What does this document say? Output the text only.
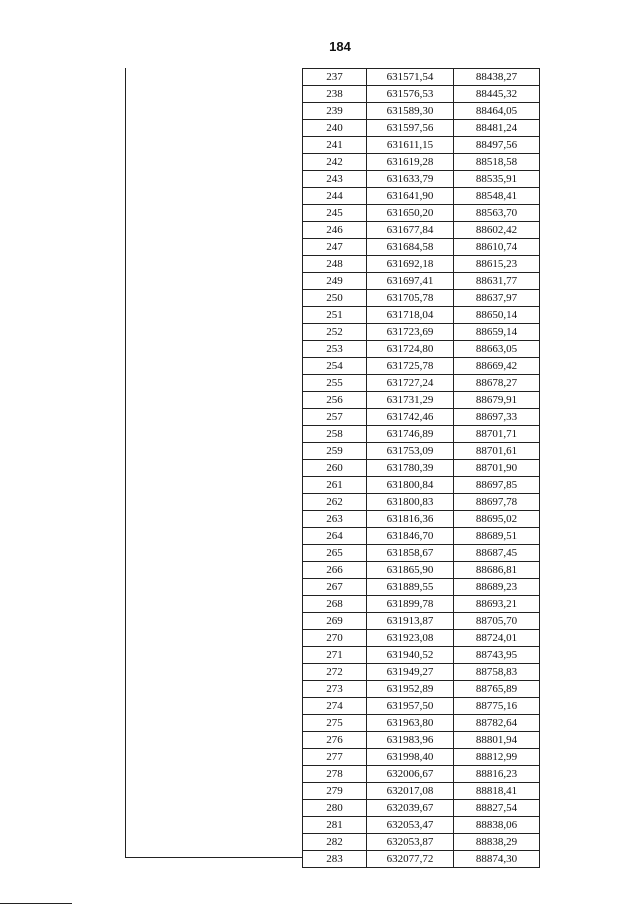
184
237	631571,54	88438,27
238	631576,53	88445,32
239	631589,30	88464,05
240	631597,56	88481,24
241	631611,15	88497,56
242	631619,28	88518,58
243	631633,79	88535,91
244	631641,90	88548,41
245	631650,20	88563,70
246	631677,84	88602,42
247	631684,58	88610,74
248	631692,18	88615,23
249	631697,41	88631,77
250	631705,78	88637,97
251	631718,04	88650,14
252	631723,69	88659,14
253	631724,80	88663,05
254	631725,78	88669,42
255	631727,24	88678,27
256	631731,29	88679,91
257	631742,46	88697,33
258	631746,89	88701,71
259	631753,09	88701,61
260	631780,39	88701,90
261	631800,84	88697,85
262	631800,83	88697,78
263	631816,36	88695,02
264	631846,70	88689,51
265	631858,67	88687,45
266	631865,90	88686,81
267	631889,55	88689,23
268	631899,78	88693,21
269	631913,87	88705,70
270	631923,08	88724,01
271	631940,52	88743,95
272	631949,27	88758,83
273	631952,89	88765,89
274	631957,50	88775,16
275	631963,80	88782,64
276	631983,96	88801,94
277	631998,40	88812,99
278	632006,67	88816,23
279	632017,08	88818,41
280	632039,67	88827,54
281	632053,47	88838,06
282	632053,87	88838,29
283	632077,72	88874,30
